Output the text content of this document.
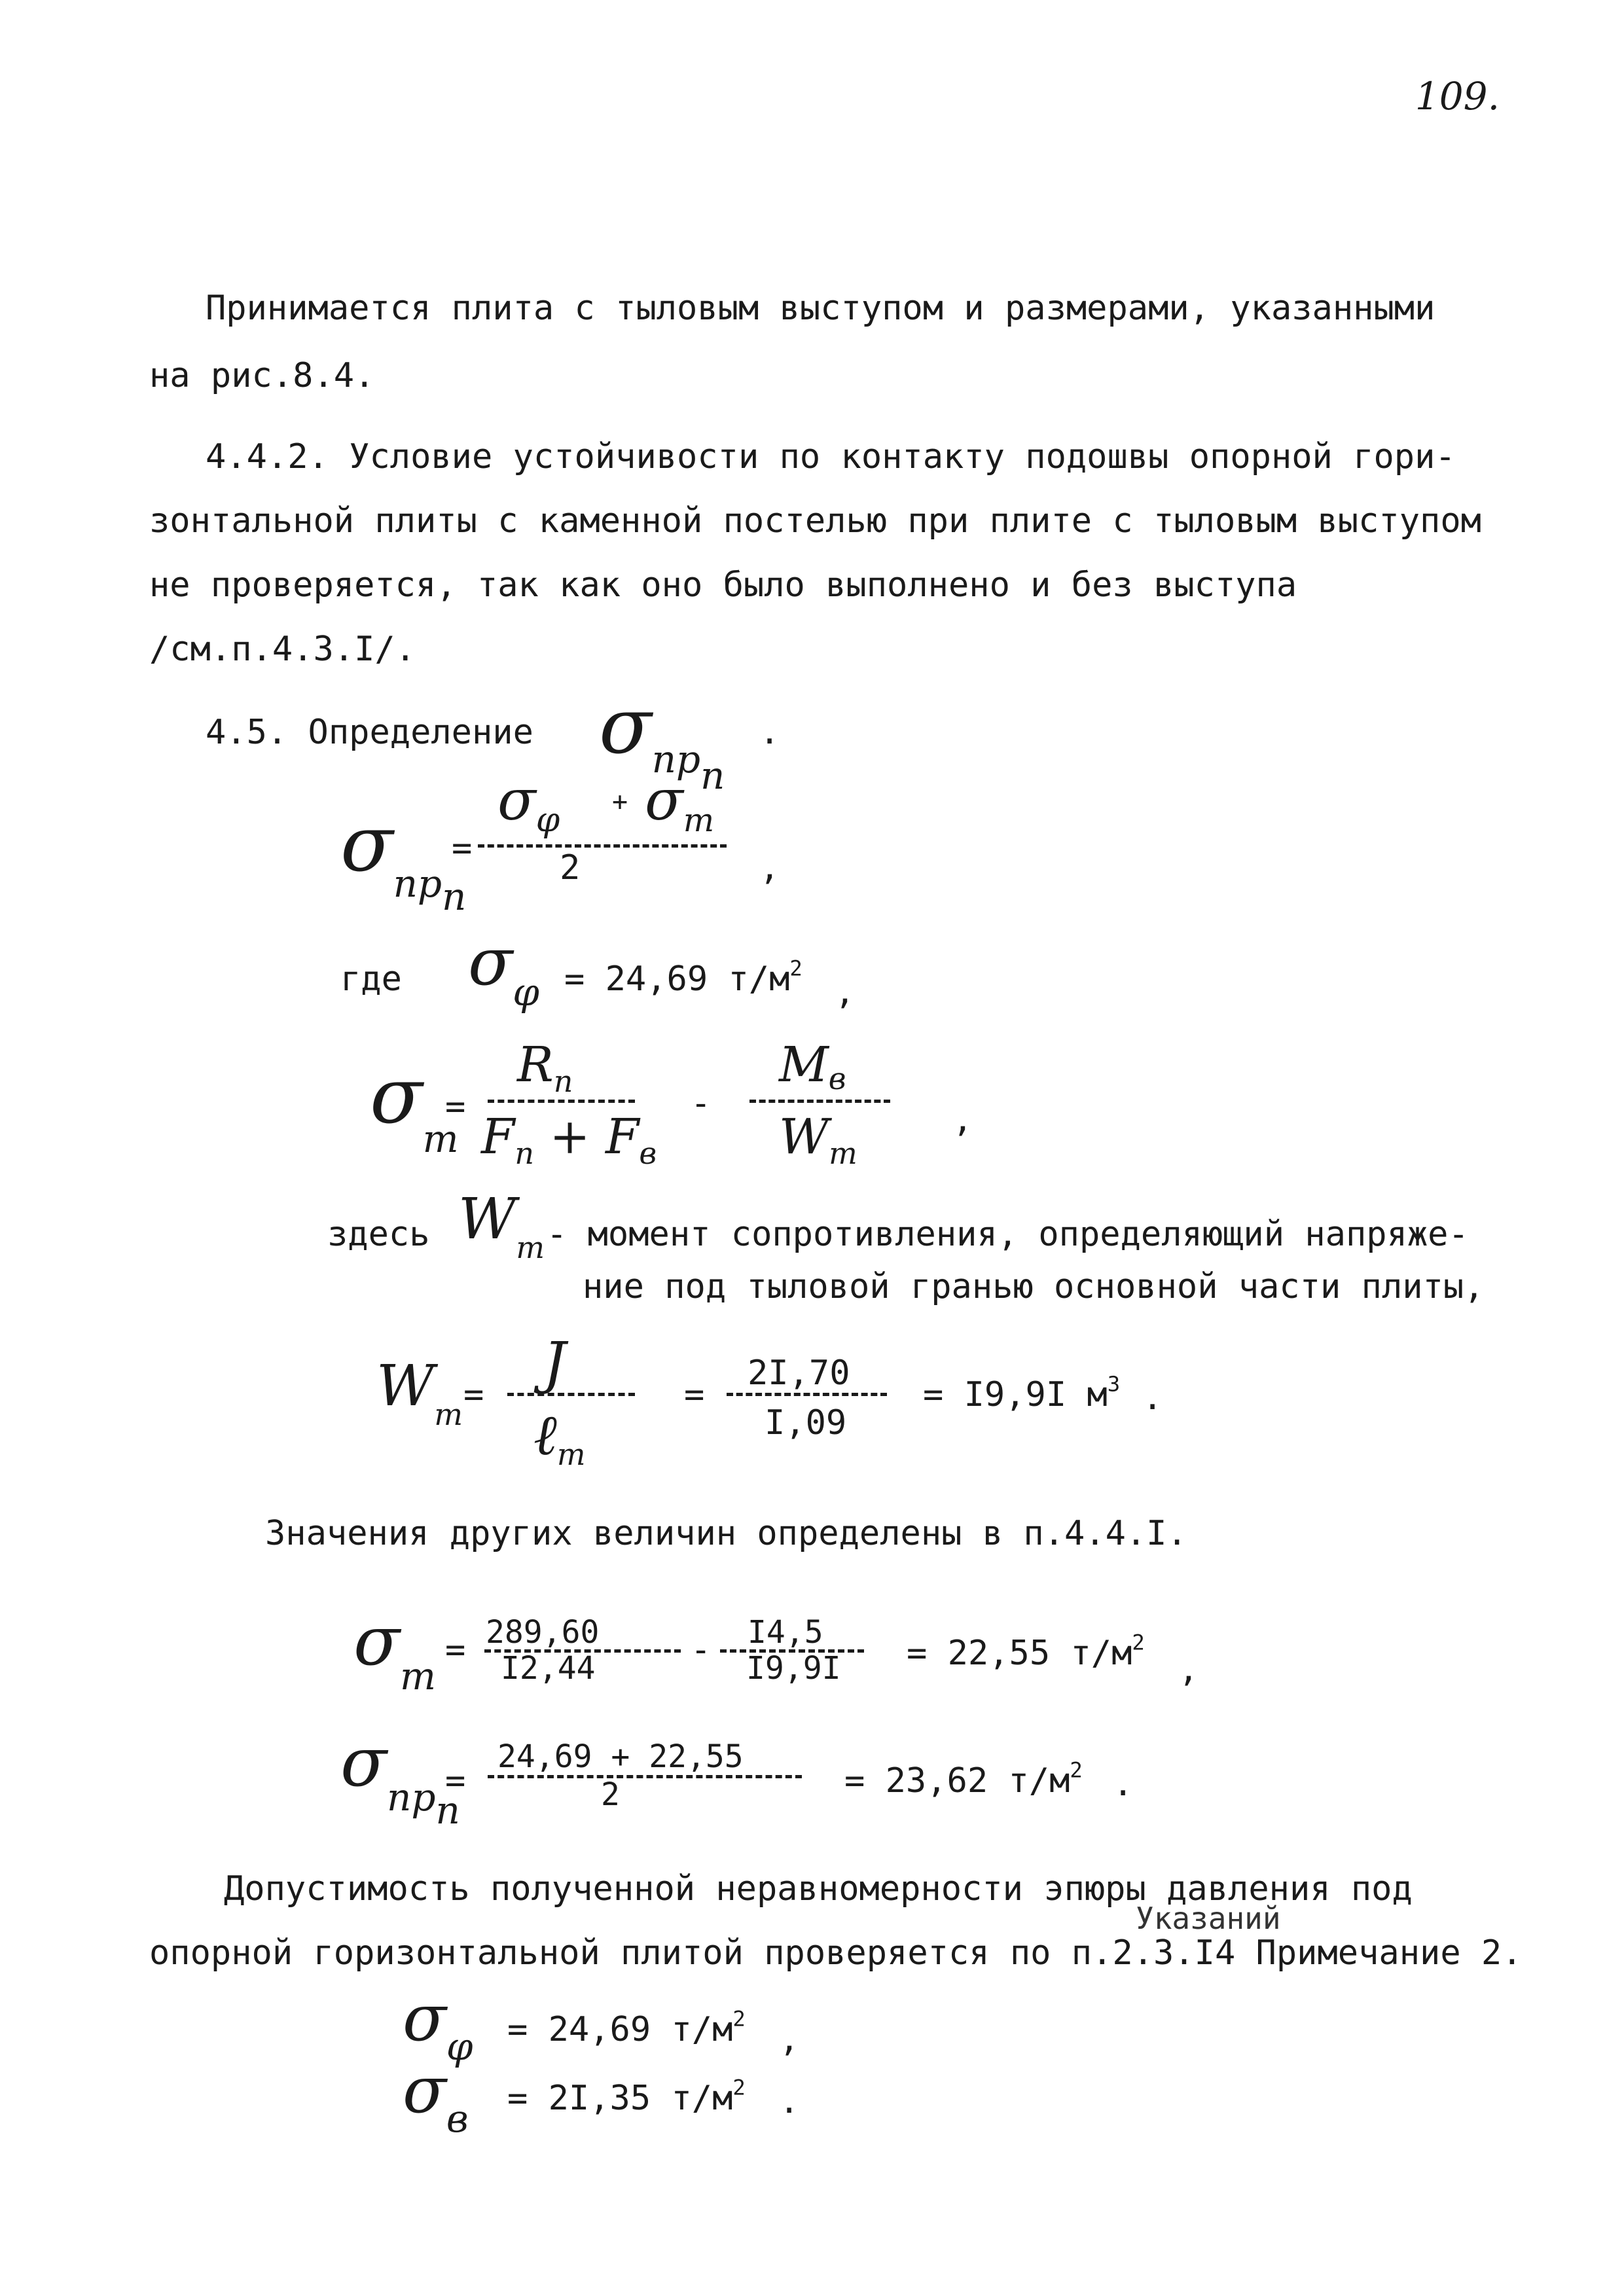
109.
Принимается плита с тыловым выступом и размерами, указанными
на рис.8.4.
4.4.2. Условие устойчивости по контакту подошвы опорной гори-
зонтальной плиты с каменной постелью при плите с тыловым выступом
не проверяется, так как оно было выполнено и без выступа
/см.п.4.3.I/.
4.5. Определение σпрп
.
σпрп
=
$\sigma_\varphi + \sigma_т$
2	,
где σφ = 24,69 $т/м^2$
,
σт
=
$R_п$
$F_п + F_в$
-
Mв
$W_т$
,
здесь $W_т$ - момент сопротивления, определяющий напряже-
ние под тыловой гранью основной части плиты,
$W_т = J$
ℓт
=
2I,70
I,09
= I9,9I $м^3$ .
Значения других величин определены в п.4.4.I.
σт
= 289,60
I2,44	- I4,5
I9,9I = 22,55 $т/м^2$
,
σпрп
=
24,69 + 22,55
2	= 23,62 $т/м^2$ .
Допустимость полученной неравномерности эпюры давления под
Указаний
опорной горизонтальной плитой проверяется по п.2.3.I4 Примечание 2.
σφ = 24,69 $т/м^2$
,
σв = 2I,35 $т/м^2$ .
